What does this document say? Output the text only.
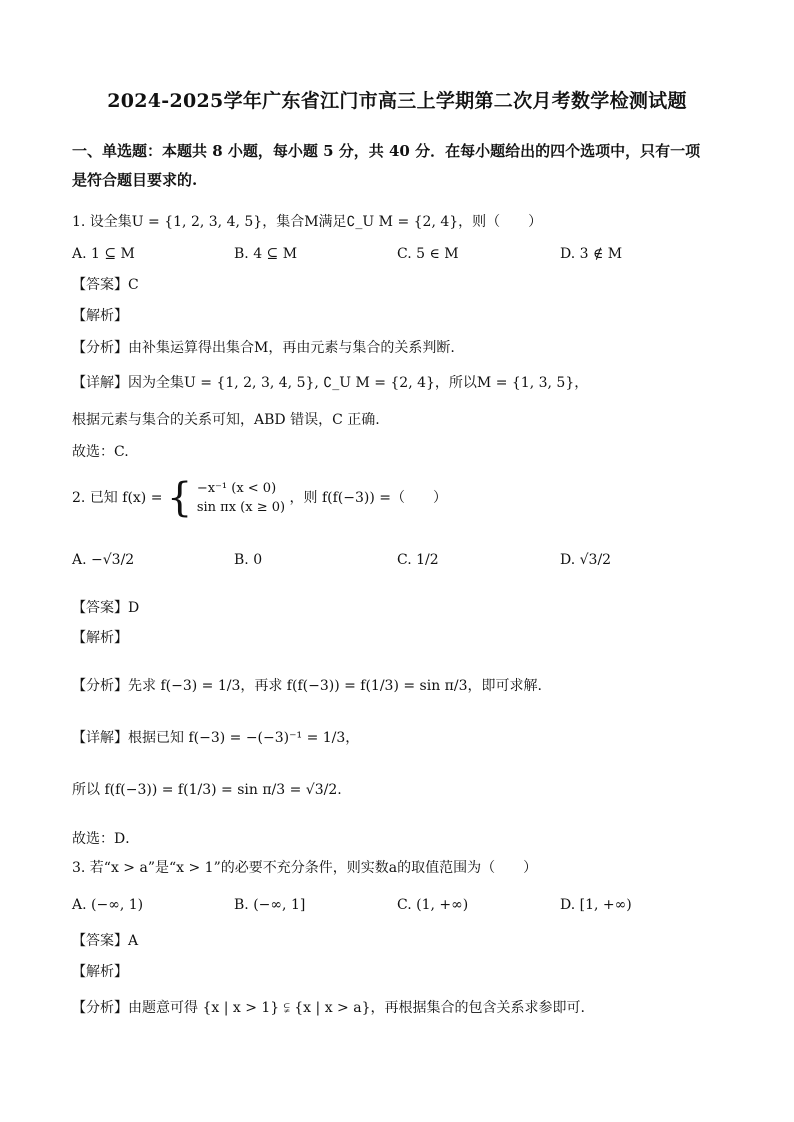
2024-2025学年广东省江门市高三上学期第二次月考数学检测试题
一、单选题：本题共 8 小题，每小题 5 分，共 40 分．在每小题给出的四个选项中，只有一项
是符合题目要求的.
1. 设全集U = {1, 2, 3, 4, 5}，集合M满足∁_U M = {2, 4}，则（　　）
A. 1 ⊆ M	B. 4 ⊆ M	C. 5 ∈ M	D. 3 ∉ M
【答案】C
【解析】
【分析】由补集运算得出集合M，再由元素与集合的关系判断.
【详解】因为全集U = {1, 2, 3, 4, 5}, ∁_U M = {2, 4}，所以M = {1, 3, 5}，
根据元素与集合的关系可知，ABD 错误，C 正确.
故选：C.
2. 已知 f(x) = { −x⁻¹ (x < 0)
sin πx (x ≥ 0)
，则 f(f(−3)) =（　　）
A. −√3/2	B. 0	C. 1/2	D. √3/2
【答案】D
【解析】
【分析】先求 f(−3) = 1/3，再求 f(f(−3)) = f(1/3) = sin π/3，即可求解.
【详解】根据已知 f(−3) = −(−3)⁻¹ = 1/3，
所以 f(f(−3)) = f(1/3) = sin π/3 = √3/2.
故选：D．
3. 若“x > a”是“x > 1”的必要不充分条件，则实数a的取值范围为（　　）
A. (−∞, 1)	B. (−∞, 1]	C. (1, +∞)	D. [1, +∞)
【答案】A
【解析】
【分析】由题意可得 {x | x > 1} ⫋ {x | x > a}，再根据集合的包含关系求参即可.
